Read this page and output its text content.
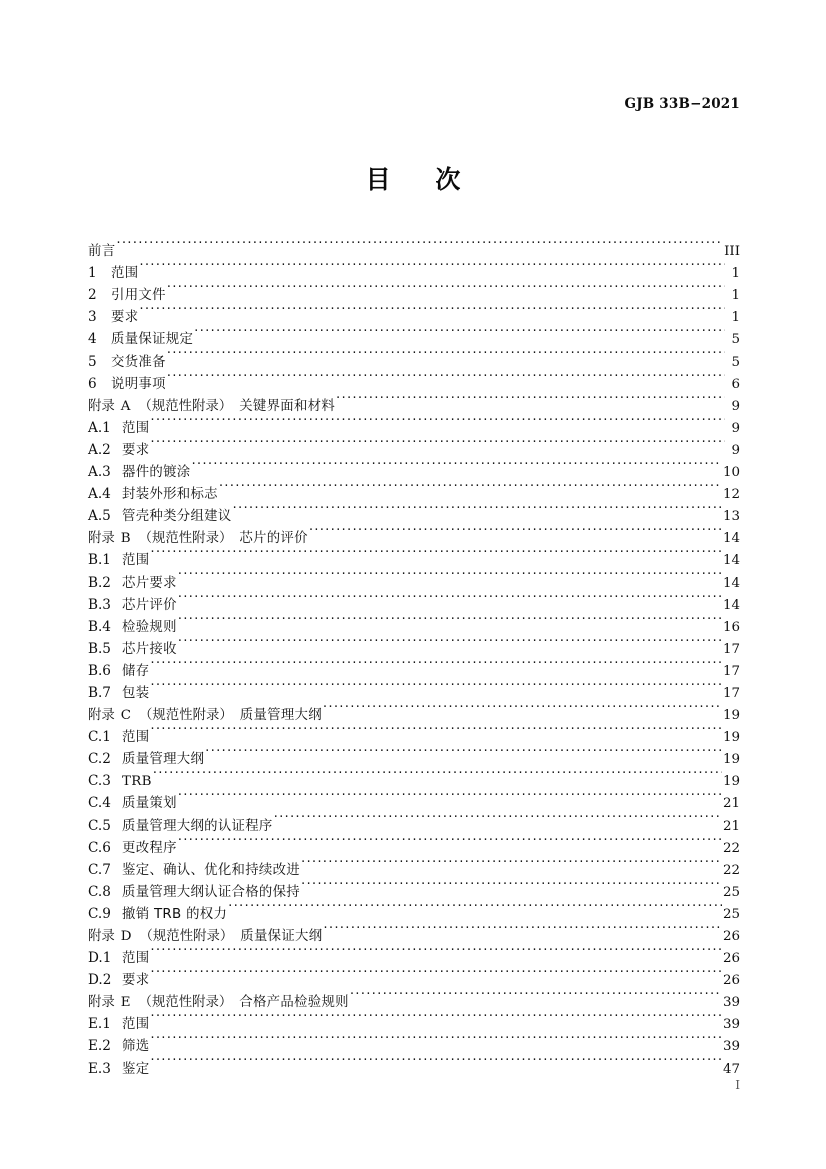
GJB 33B−2021
目 次
前言 ·····	III
1	范围 ·····	1
2	引用文件 ·····	1
3	要求 ·····	1
4	质量保证规定 ·····	5
5	交货准备 ·····	5
6	说明事项 ·····	6
附录 A （规范性附录） 关键界面和材料 ·····	9
A.1 范围 ·····	9
A.2 要求 ·····	9
A.3 器件的镀涂 ·····	10
A.4 封装外形和标志 ·····	12
A.5 管壳种类分组建议 ·····	13
附录 B （规范性附录） 芯片的评价 ·····	14
B.1 范围 ·····	14
B.2 芯片要求 ·····	14
B.3 芯片评价 ·····	14
B.4 检验规则 ·····	16
B.5 芯片接收 ·····	17
B.6 储存 ·····	17
B.7 包装 ·····	17
附录 C （规范性附录） 质量管理大纲 ·····	19
C.1 范围 ·····	19
C.2 质量管理大纲 ·····	19
C.3 TRB ·····	19
C.4 质量策划 ·····	21
C.5 质量管理大纲的认证程序 ·····	21
C.6 更改程序 ·····	22
C.7 鉴定、确认、优化和持续改进 ·····	22
C.8 质量管理大纲认证合格的保持 ·····	25
C.9 撤销 TRB 的权力 ·····	25
附录 D （规范性附录） 质量保证大纲 ·····	26
D.1 范围 ·····	26
D.2 要求 ·····	26
附录 E （规范性附录） 合格产品检验规则 ·····	39
E.1 范围 ·····	39
E.2 筛选 ·····	39
E.3 鉴定 ·····	47
I
